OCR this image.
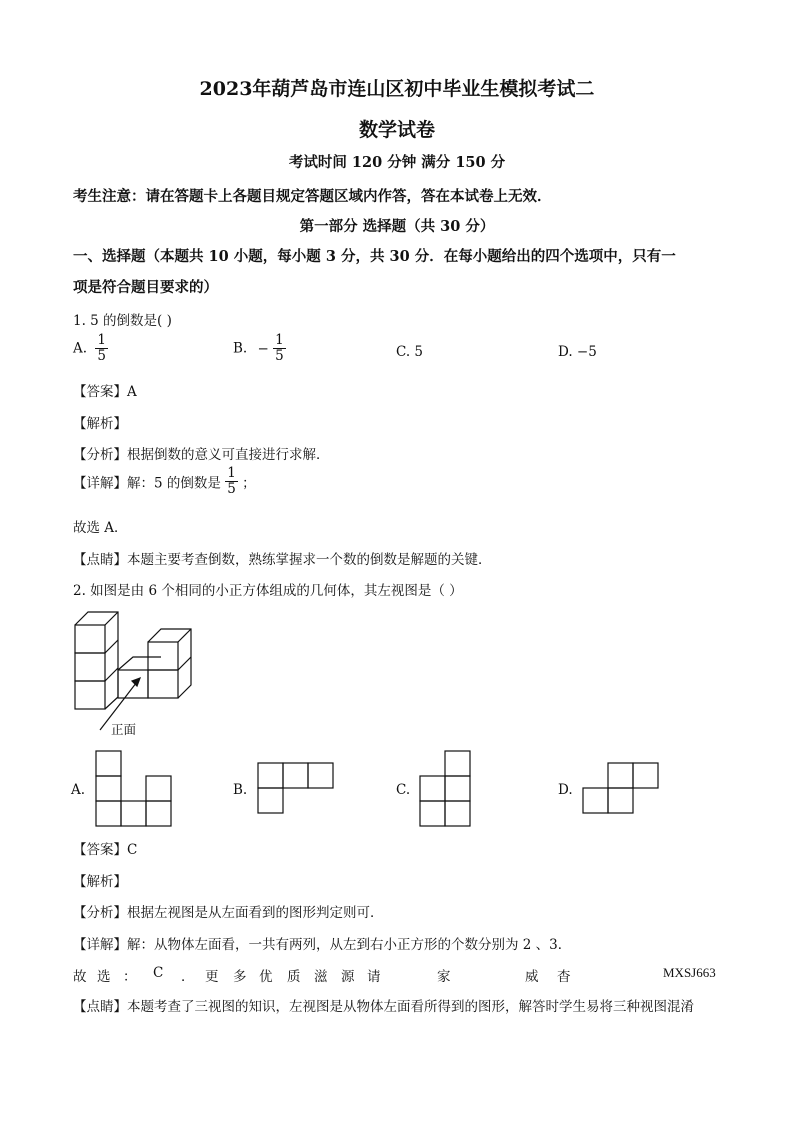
2023年葫芦岛市连山区初中毕业生模拟考试二
数学试卷
考试时间 120 分钟 满分 150 分
考生注意：请在答题卡上各题目规定答题区域内作答，答在本试卷上无效．
第一部分 选择题（共 30 分）
一、选择题（本题共 10 小题，每小题 3 分，共 30 分．在每小题给出的四个选项中，只有一
项是符合题目要求的）
1. 5 的倒数是( )
A. $\frac{1}{5}$	B. − $\frac{1}{5}$	C. 5	D. −5
【答案】A
【解析】
【分析】根据倒数的意义可直接进行求解．
【详解】解：5 的倒数是 $\frac{1}{5}$ ；
故选 A．
【点睛】本题主要考查倒数，熟练掌握求一个数的倒数是解题的关键．
2. 如图是由 6 个相同的小正方体组成的几何体，其左视图是（ ）
正面
A.	B.	C.	D.
【答案】C
【解析】
【分析】根据左视图是从左面看到的图形判定则可．
【详解】解：从物体左面看，一共有两列，从左到右小正方形的个数分别为 2 、3．
故 选 ： C ． 更 多 优 质 滋 源 请	家	威 杳	MXSJ663
【点睛】本题考查了三视图的知识，左视图是从物体左面看所得到的图形，解答时学生易将三种视图混淆
